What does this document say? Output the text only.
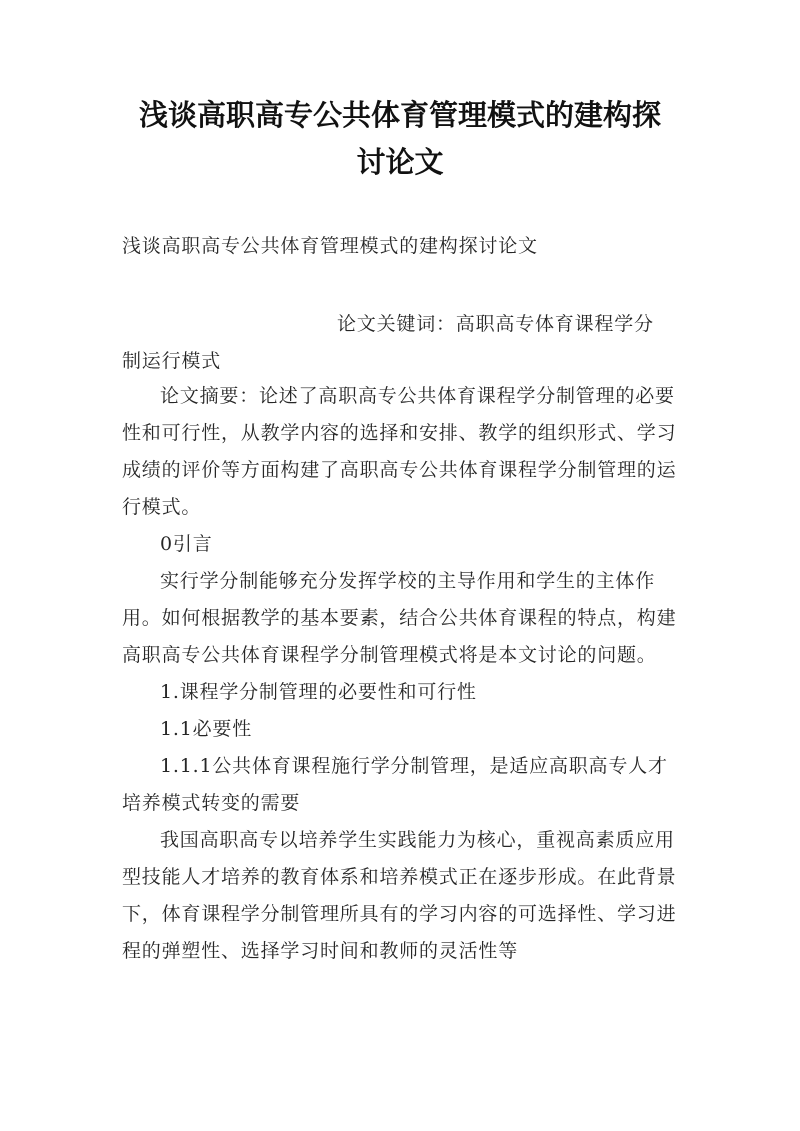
浅谈高职高专公共体育管理模式的建构探
讨论文
浅谈高职高专公共体育管理模式的建构探讨论文
论文关键词：高职高专体育课程学分
制运行模式

论文摘要：论述了高职高专公共体育课程学分制管理的必要性和可行性，从教学内容的选择和安排、教学的组织形式、学习成绩的评价等方面构建了高职高专公共体育课程学分制管理的运行模式。

0引言

实行学分制能够充分发挥学校的主导作用和学生的主体作用。如何根据教学的基本要素，结合公共体育课程的特点，构建高职高专公共体育课程学分制管理模式将是本文讨论的问题。

1.课程学分制管理的必要性和可行性

1.1必要性

1.1.1公共体育课程施行学分制管理，是适应高职高专人才培养模式转变的需要

我国高职高专以培养学生实践能力为核心，重视高素质应用型技能人才培养的教育体系和培养模式正在逐步形成。在此背景下，体育课程学分制管理所具有的学习内容的可选择性、学习进程的弹塑性、选择学习时间和教师的灵活性等
